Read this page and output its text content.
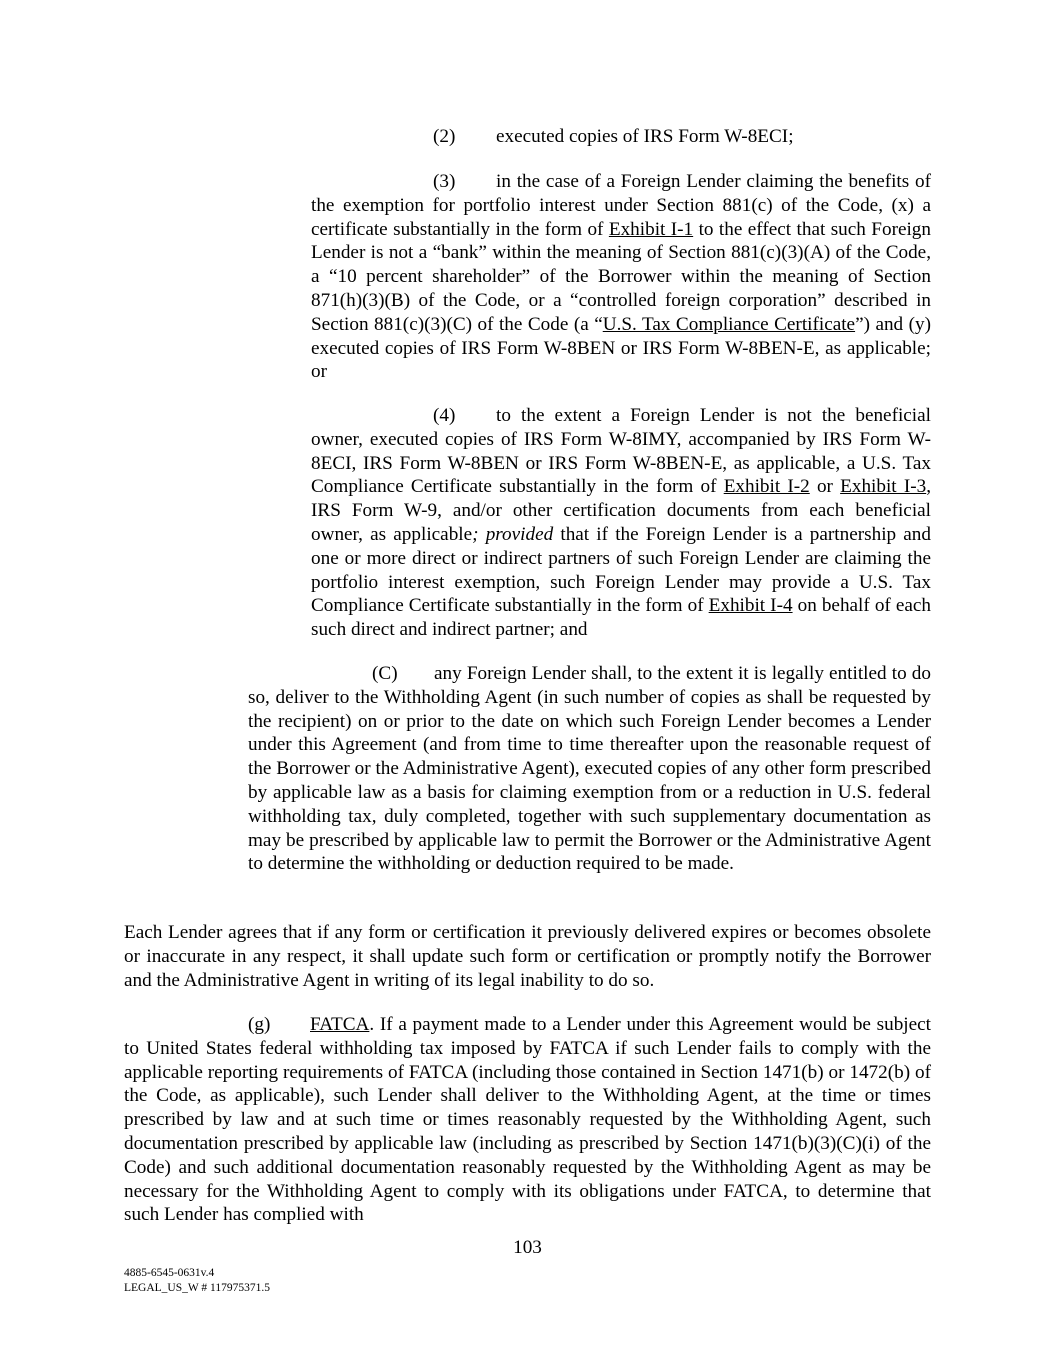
(2) executed copies of IRS Form W-8ECI;

(3) in the case of a Foreign Lender claiming the benefits of the exemption for portfolio interest under Section 881(c) of the Code, (x) a certificate substantially in the form of Exhibit I-1 to the effect that such Foreign Lender is not a “bank” within the meaning of Section 881(c)(3)(A) of the Code, a “10 percent shareholder” of the Borrower within the meaning of Section 871(h)(3)(B) of the Code, or a “controlled foreign corporation” described in Section 881(c)(3)(C) of the Code (a “U.S. Tax Compliance Certificate”) and (y) executed copies of IRS Form W-8BEN or IRS Form W-8BEN-E, as applicable; or

(4) to the extent a Foreign Lender is not the beneficial owner, executed copies of IRS Form W-8IMY, accompanied by IRS Form W-8ECI, IRS Form W-8BEN or IRS Form W-8BEN-E, as applicable, a U.S. Tax Compliance Certificate substantially in the form of Exhibit I-2 or Exhibit I-3, IRS Form W-9, and/or other certification documents from each beneficial owner, as applicable; provided that if the Foreign Lender is a partnership and one or more direct or indirect partners of such Foreign Lender are claiming the portfolio interest exemption, such Foreign Lender may provide a U.S. Tax Compliance Certificate substantially in the form of Exhibit I-4 on behalf of each such direct and indirect partner; and

(C) any Foreign Lender shall, to the extent it is legally entitled to do so, deliver to the Withholding Agent (in such number of copies as shall be requested by the recipient) on or prior to the date on which such Foreign Lender becomes a Lender under this Agreement (and from time to time thereafter upon the reasonable request of the Borrower or the Administrative Agent), executed copies of any other form prescribed by applicable law as a basis for claiming exemption from or a reduction in U.S. federal withholding tax, duly completed, together with such supplementary documentation as may be prescribed by applicable law to permit the Borrower or the Administrative Agent to determine the withholding or deduction required to be made.

Each Lender agrees that if any form or certification it previously delivered expires or becomes obsolete or inaccurate in any respect, it shall update such form or certification or promptly notify the Borrower and the Administrative Agent in writing of its legal inability to do so.

(g) FATCA. If a payment made to a Lender under this Agreement would be subject to United States federal withholding tax imposed by FATCA if such Lender fails to comply with the applicable reporting requirements of FATCA (including those contained in Section 1471(b) or 1472(b) of the Code, as applicable), such Lender shall deliver to the Withholding Agent, at the time or times prescribed by law and at such time or times reasonably requested by the Withholding Agent, such documentation prescribed by applicable law (including as prescribed by Section 1471(b)(3)(C)(i) of the Code) and such additional documentation reasonably requested by the Withholding Agent as may be necessary for the Withholding Agent to comply with its obligations under FATCA, to determine that such Lender has complied with

103
4885-6545-0631v.4
LEGAL_US_W # 117975371.5
